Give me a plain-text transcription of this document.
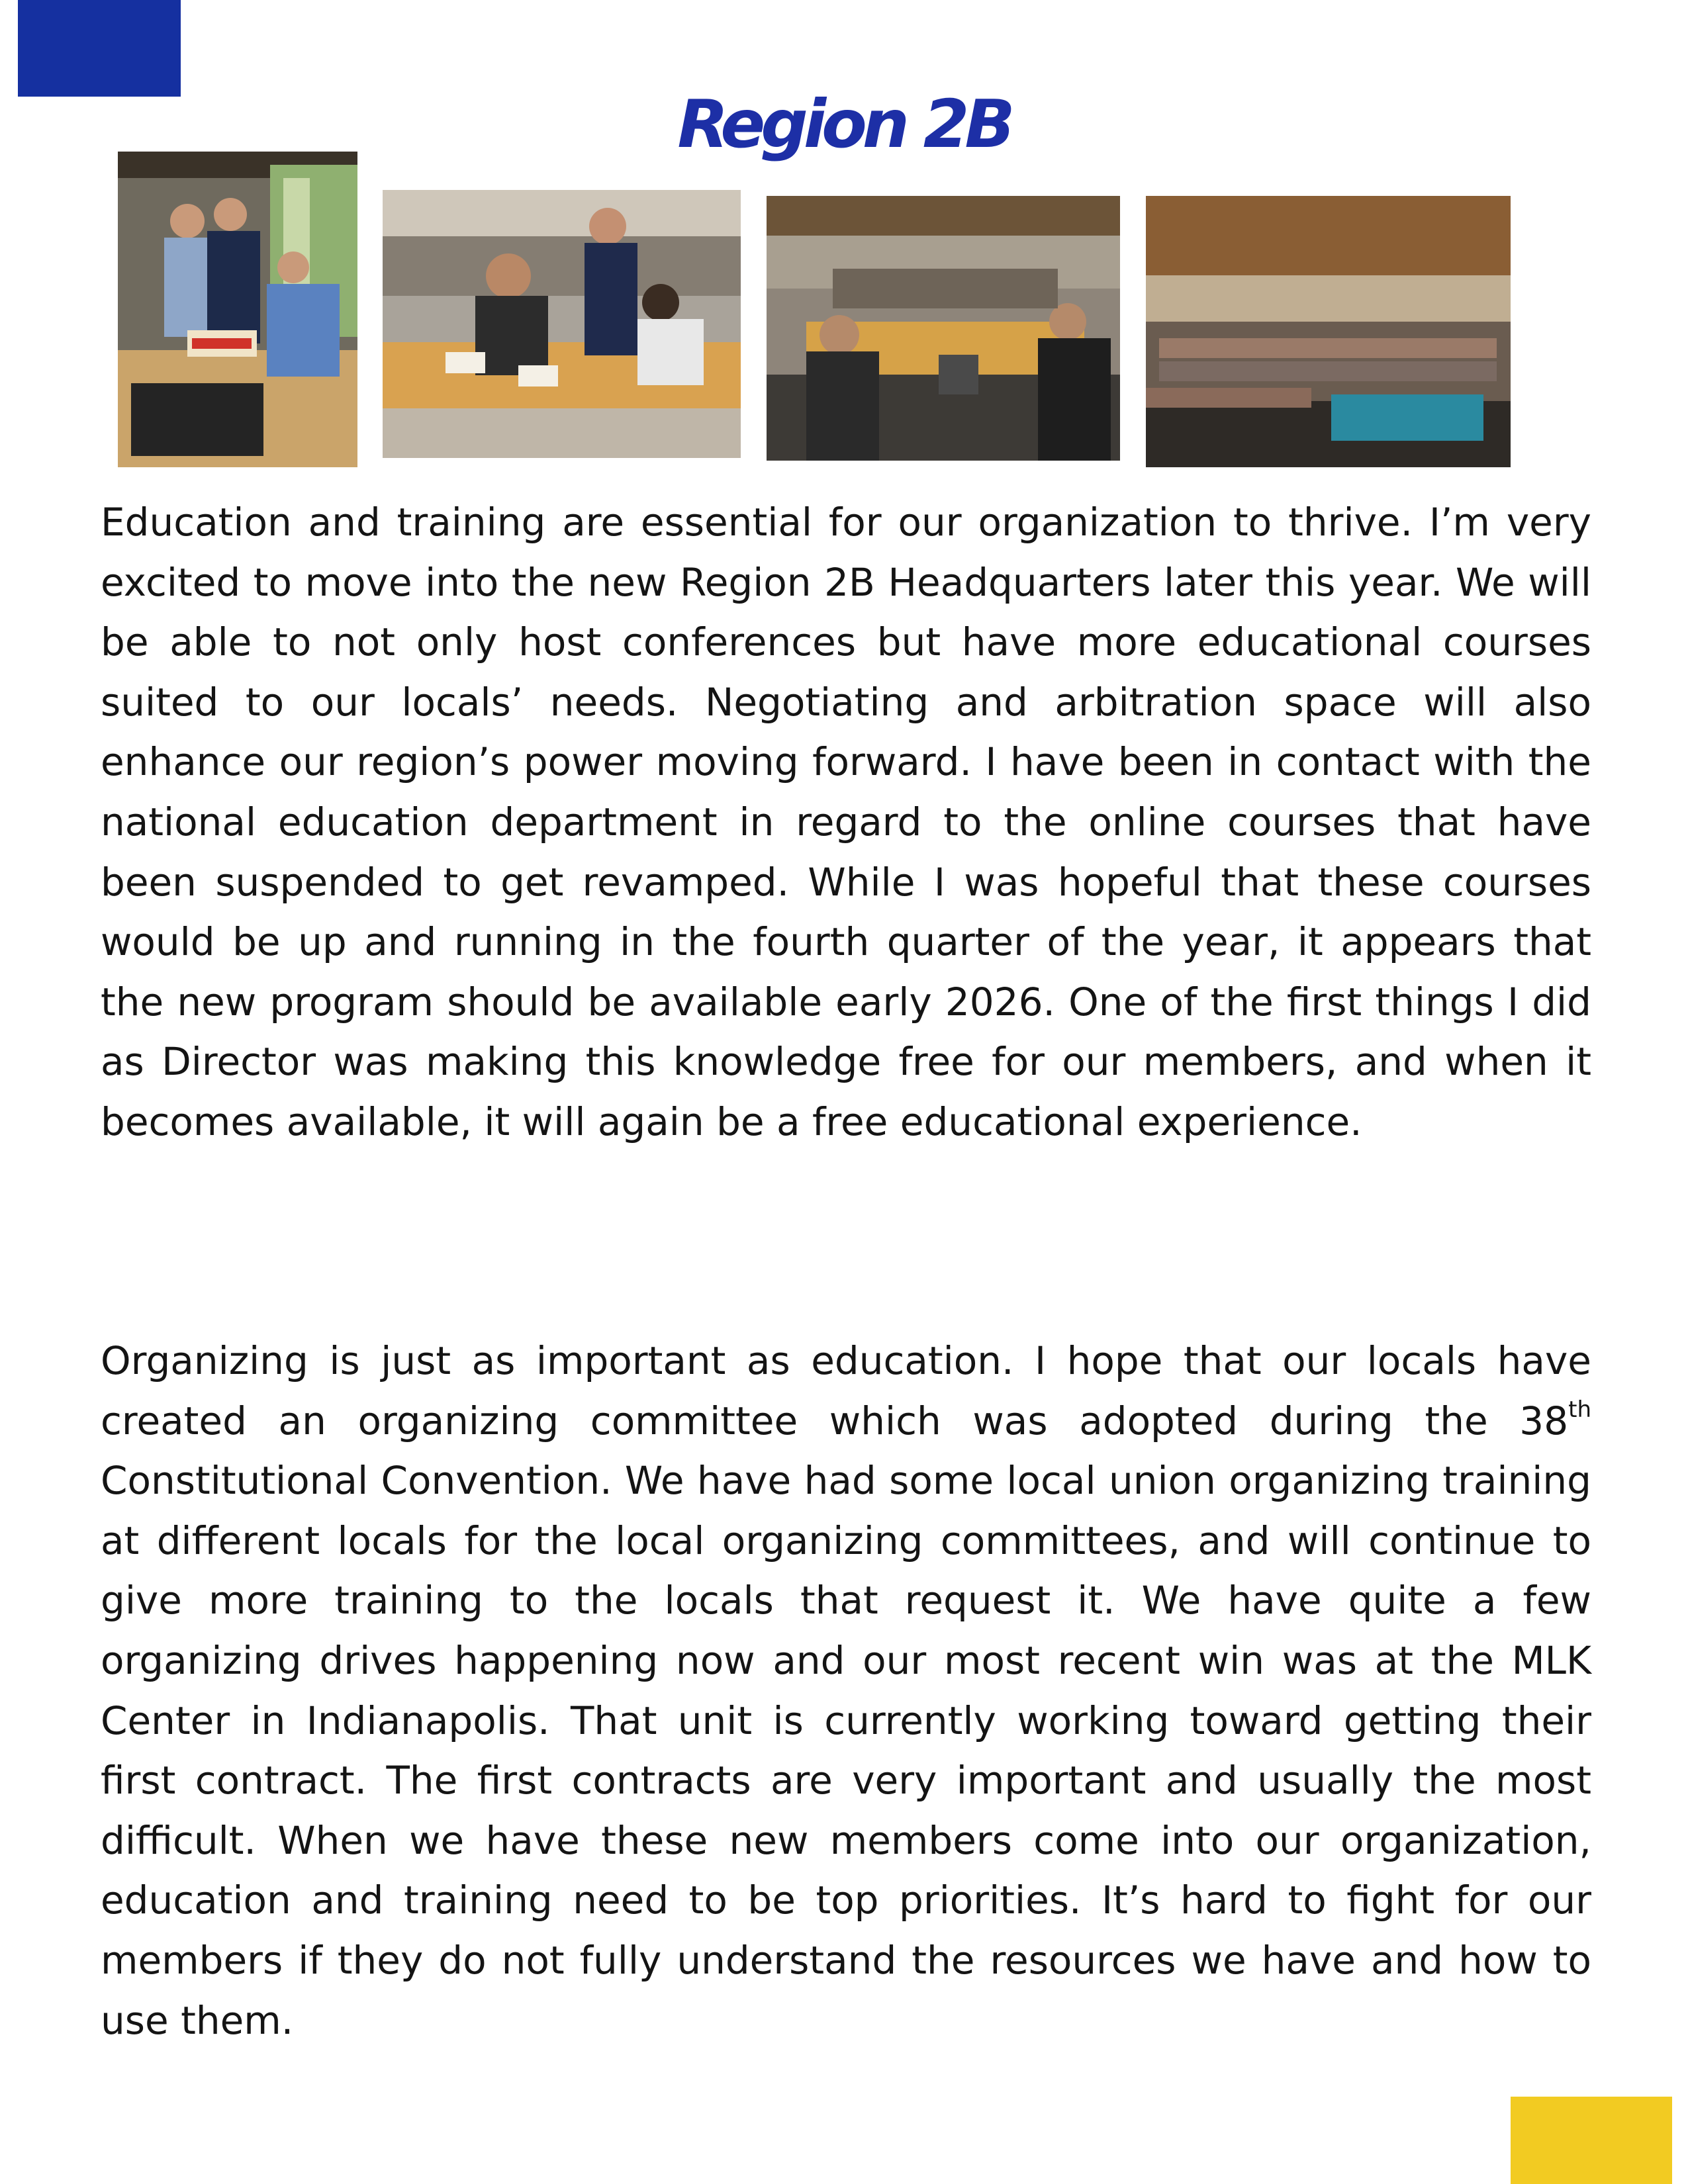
Region 2B

Education and training are essential for our organization to thrive. I’m very excited to move into the new Region 2B Headquarters later this year. We will be able to not only host conferences but have more educational courses suited to our locals’ needs. Negotiating and arbitration space will also enhance our region’s power moving forward. I have been in contact with the national education department in regard to the online courses that have been suspended to get revamped. While I was hopeful that these courses would be up and running in the fourth quarter of the year, it appears that the new program should be available early 2026. One of the first things I did as Director was making this knowledge free for our members, and when it becomes available, it will again be a free educational experience.

Organizing is just as important as education. I hope that our locals have created an organizing committee which was adopted during the 38th Constitutional Convention. We have had some local union organizing training at different locals for the local organizing committees, and will continue to give more training to the locals that request it. We have quite a few organizing drives happening now and our most recent win was at the MLK Center in Indianapolis. That unit is currently working toward getting their first contract. The first contracts are very important and usually the most difficult. When we have these new members come into our organization, education and training need to be top priorities. It’s hard to fight for our members if they do not fully understand the resources we have and how to use them.
